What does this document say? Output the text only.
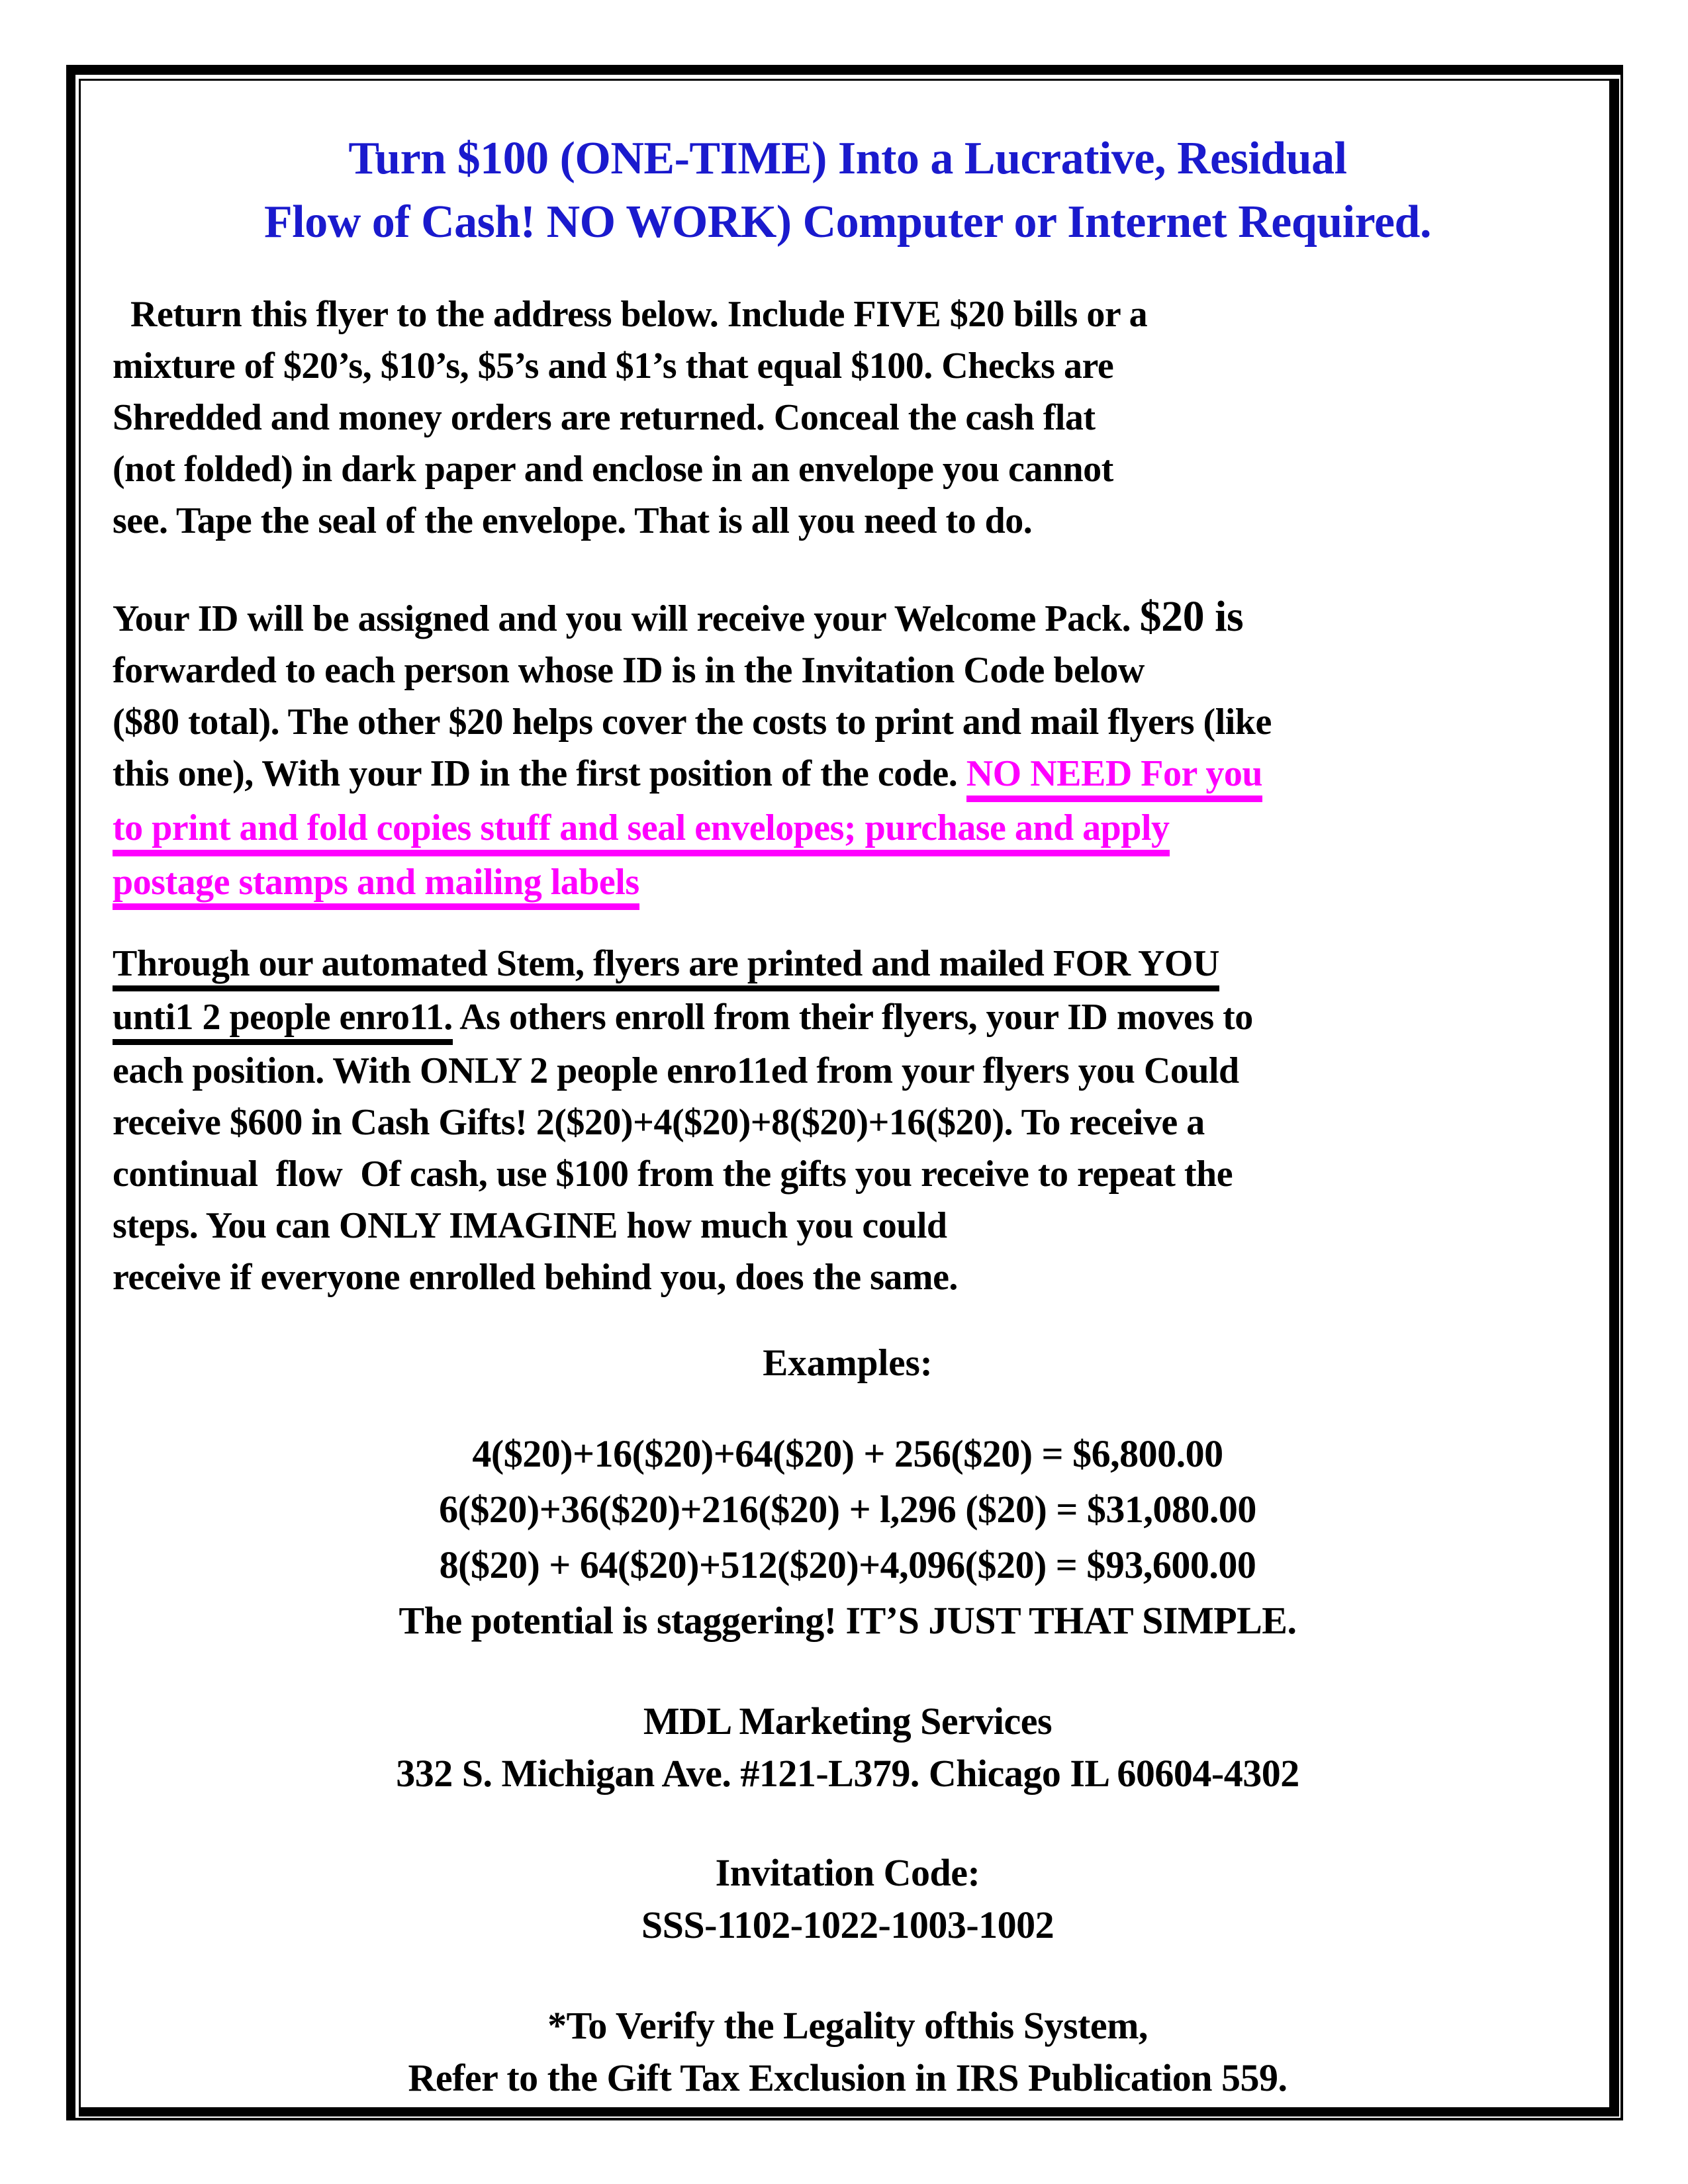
Turn $100 (ONE-TIME) Into a Lucrative, Residual
Flow of Cash! NO WORK) Computer or Internet Required.
Return this flyer to the address below. Include FIVE $20 bills or a
mixture of $20’s, $10’s, $5’s and $1’s that equal $100. Checks are
Shredded and money orders are returned. Conceal the cash flat
(not folded) in dark paper and enclose in an envelope you cannot
see. Tape the seal of the envelope. That is all you need to do.
Your ID will be assigned and you will receive your Welcome Pack. $20 is
forwarded to each person whose ID is in the Invitation Code below
($80 total). The other $20 helps cover the costs to print and mail flyers (like
this one), With your ID in the first position of the code. NO NEED For you
to print and fold copies stuff and seal envelopes; purchase and apply
postage stamps and mailing labels
Through our automated Stem, flyers are printed and mailed FOR YOU
unti1 2 people enro11. As others enroll from their flyers, your ID moves to
each position. With ONLY 2 people enro11ed from your flyers you Could
receive $600 in Cash Gifts! 2($20)+4($20)+8($20)+16($20). To receive a
continual  flow  Of cash, use $100 from the gifts you receive to repeat the
steps. You can ONLY IMAGINE how much you could
receive if everyone enrolled behind you, does the same.
Examples:
4($20)+16($20)+64($20) + 256($20) = $6,800.00
6($20)+36($20)+216($20) + l,296 ($20) = $31,080.00
8($20) + 64($20)+512($20)+4,096($20) = $93,600.00
The potential is staggering! IT’S JUST THAT SIMPLE.
MDL Marketing Services
332 S. Michigan Ave. #121-L379. Chicago IL 60604-4302
Invitation Code:
SSS-1102-1022-1003-1002
*To Verify the Legality ofthis System,
Refer to the Gift Tax Exclusion in IRS Publication 559.
